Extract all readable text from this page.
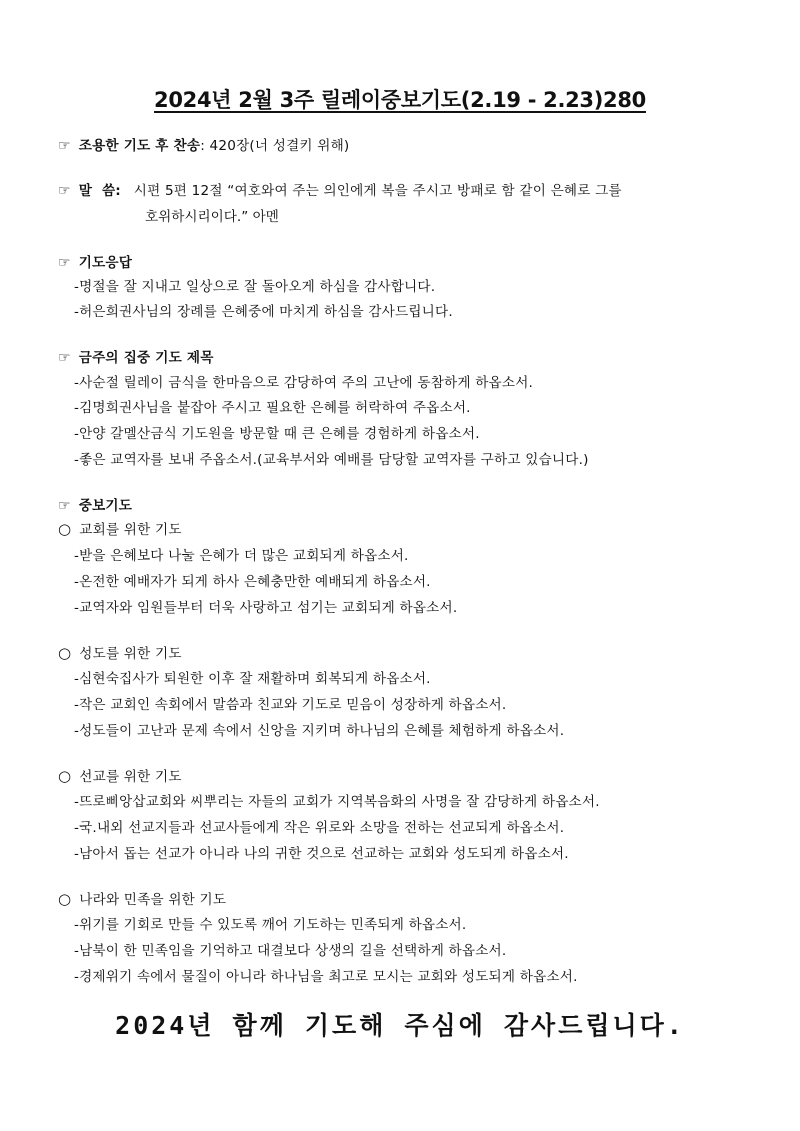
2024년 2월 3주 릴레이중보기도(2.19 - 2.23)280
☞ 조용한 기도 후 찬송: 420장(너 성결키 위해)
☞ 말  씀: 시편 5편 12절 “여호와여 주는 의인에게 복을 주시고 방패로 함 같이 은혜로 그를
호위하시리이다.” 아멘
☞ 기도응답
-명절을 잘 지내고 일상으로 잘 돌아오게 하심을 감사합니다.
-허은희권사님의 장례를 은혜중에 마치게 하심을 감사드립니다.
☞ 금주의 집중 기도 제목
-사순절 릴레이 금식을 한마음으로 감당하여 주의 고난에 동참하게 하옵소서.
-김명희권사님을 붙잡아 주시고 필요한 은혜를 허락하여 주옵소서.
-안양 갈멜산금식 기도원을 방문할 때 큰 은혜를 경험하게 하옵소서.
-좋은 교역자를 보내 주옵소서.(교육부서와 예배를 담당할 교역자를 구하고 있습니다.)
☞ 중보기도
○ 교회를 위한 기도
-받을 은혜보다 나눌 은혜가 더 많은 교회되게 하옵소서.
-온전한 예배자가 되게 하사 은혜충만한 예배되게 하옵소서.
-교역자와 임원들부터 더욱 사랑하고 섬기는 교회되게 하옵소서.
○ 성도를 위한 기도
-심현숙집사가 퇴원한 이후 잘 재활하며 회복되게 하옵소서.
-작은 교회인 속회에서 말씀과 친교와 기도로 믿음이 성장하게 하옵소서.
-성도들이 고난과 문제 속에서 신앙을 지키며 하나님의 은혜를 체험하게 하옵소서.
○ 선교를 위한 기도
-뜨로삐앙삽교회와 씨뿌리는 자들의 교회가 지역복음화의 사명을 잘 감당하게 하옵소서.
-국.내외 선교지들과 선교사들에게 작은 위로와 소망을 전하는 선교되게 하옵소서.
-남아서 돕는 선교가 아니라 나의 귀한 것으로 선교하는 교회와 성도되게 하옵소서.
○ 나라와 민족을 위한 기도
-위기를 기회로 만들 수 있도록 깨어 기도하는 민족되게 하옵소서.
-남북이 한 민족임을 기억하고 대결보다 상생의 길을 선택하게 하옵소서.
-경제위기 속에서 물질이 아니라 하나님을 최고로 모시는 교회와 성도되게 하옵소서.
2024년 함께 기도해 주심에 감사드립니다.
